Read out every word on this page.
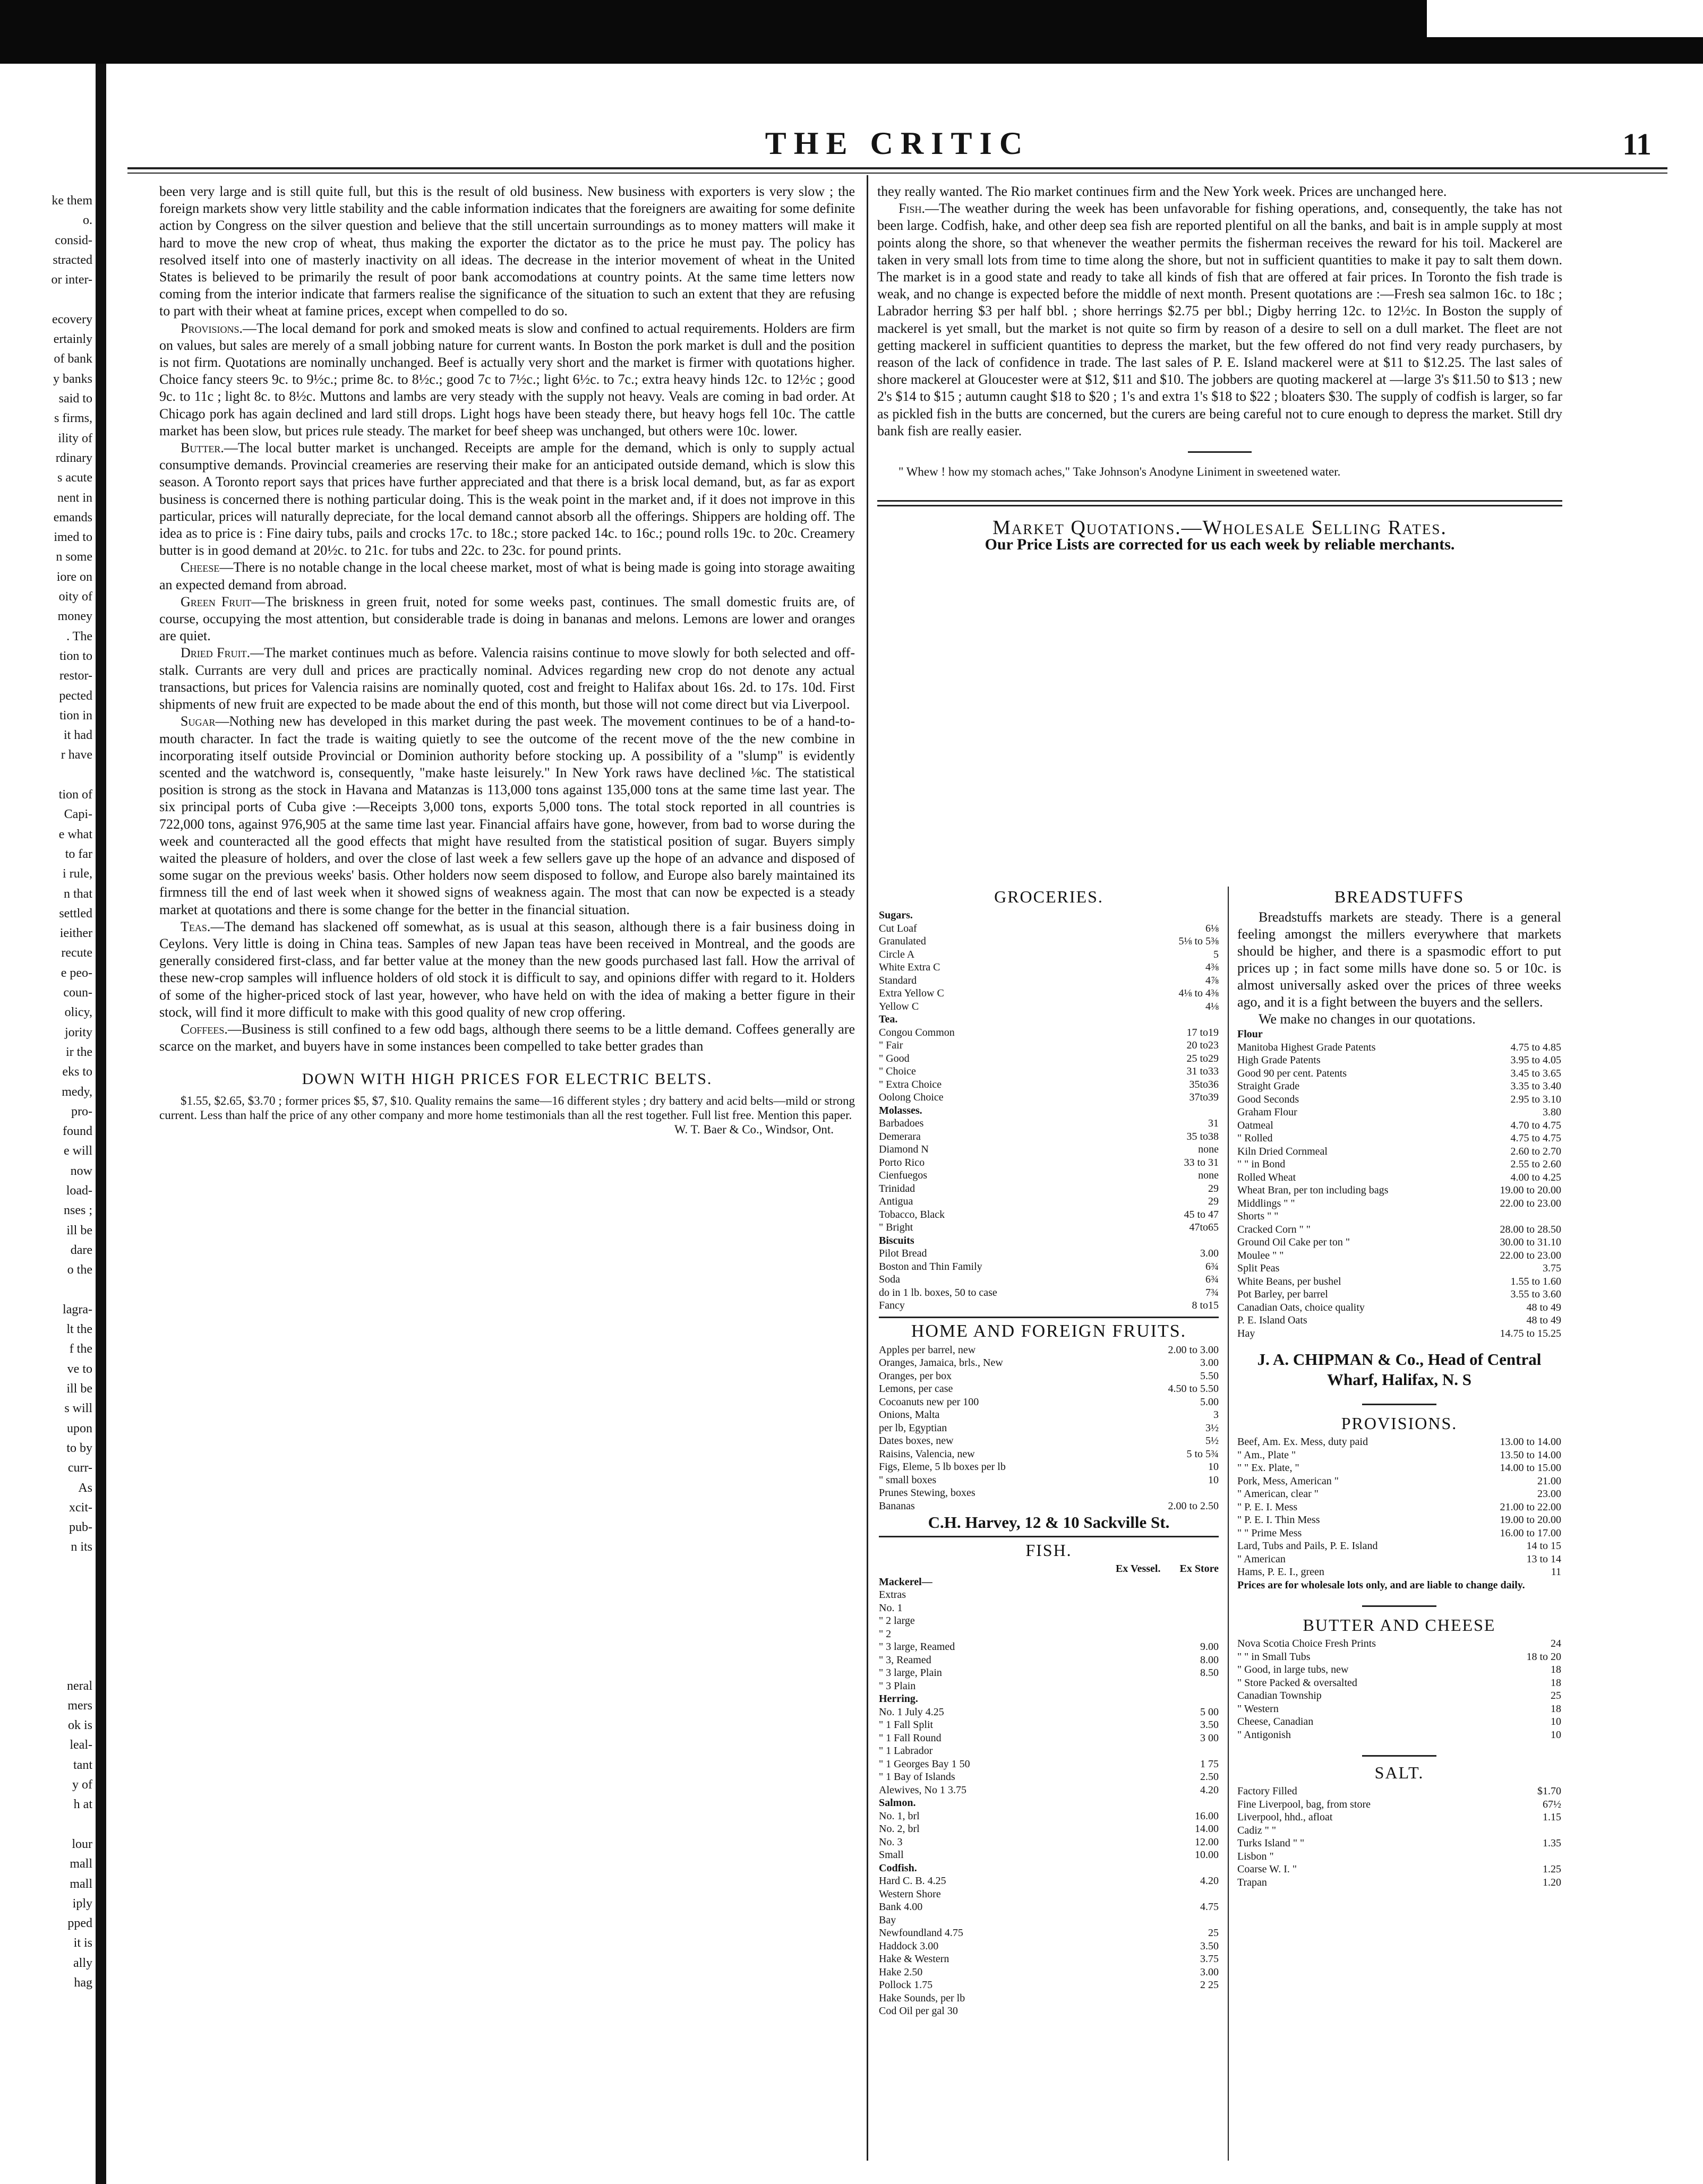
ke them
o.
consid-
stracted
or inter-
ecovery
ertainly
of bank
y banks
said to
s firms,
ility of
rdinary
s acute
nent in
emands
imed to
n some
iore on
oity of
money
. The
tion to
restor-
pected
tion in
it had
r have
tion of
Capi-
e what
to far
i rule,
n that
settled
ieither
recute
e peo-
coun-
olicy,
jority
ir the
eks to
medy,
pro-
found
e will
now
load-
nses ;
ill be
dare
o the
lagra-
lt the
f the
ve to
ill be
s will
upon
to by
curr-
As
xcit-
pub-
n its
neral
mers
ok is
leal-
tant
y of
h at
lour
mall
mall
iply
pped
it is
ally
hag
THE CRITIC	11

been very large and is still quite full, but this is the result of old business. New business with exporters is very slow ; the foreign markets show very little stability and the cable information indicates that the foreigners are awaiting for some definite action by Congress on the silver question and believe that the still uncertain surroundings as to money matters will make it hard to move the new crop of wheat, thus making the exporter the dictator as to the price he must pay. The policy has resolved itself into one of masterly inactivity on all ideas. The decrease in the interior movement of wheat in the United States is believed to be primarily the result of poor bank accomodations at country points. At the same time letters now coming from the interior indicate that farmers realise the significance of the situation to such an extent that they are refusing to part with their wheat at famine prices, except when compelled to do so.

Provisions.—The local demand for pork and smoked meats is slow and confined to actual requirements. Holders are firm on values, but sales are merely of a small jobbing nature for current wants. In Boston the pork market is dull and the position is not firm. Quotations are nominally unchanged. Beef is actually very short and the market is firmer with quotations higher. Choice fancy steers 9c. to 9½c.; prime 8c. to 8½c.; good 7c to 7½c.; light 6½c. to 7c.; extra heavy hinds 12c. to 12½c ; good 9c. to 11c ; light 8c. to 8½c. Muttons and lambs are very steady with the supply not heavy. Veals are coming in bad order. At Chicago pork has again declined and lard still drops. Light hogs have been steady there, but heavy hogs fell 10c. The cattle market has been slow, but prices rule steady. The market for beef sheep was unchanged, but others were 10c. lower.

Butter.—The local butter market is unchanged. Receipts are ample for the demand, which is only to supply actual consumptive demands. Provincial creameries are reserving their make for an anticipated outside demand, which is slow this season. A Toronto report says that prices have further appreciated and that there is a brisk local demand, but, as far as export business is concerned there is nothing particular doing. This is the weak point in the market and, if it does not improve in this particular, prices will naturally depreciate, for the local demand cannot absorb all the offerings. Shippers are holding off. The idea as to price is : Fine dairy tubs, pails and crocks 17c. to 18c.; store packed 14c. to 16c.; pound rolls 19c. to 20c. Creamery butter is in good demand at 20½c. to 21c. for tubs and 22c. to 23c. for pound prints.

Cheese—There is no notable change in the local cheese market, most of what is being made is going into storage awaiting an expected demand from abroad.

Green Fruit—The briskness in green fruit, noted for some weeks past, continues. The small domestic fruits are, of course, occupying the most attention, but considerable trade is doing in bananas and melons. Lemons are lower and oranges are quiet.

Dried Fruit.—The market continues much as before. Valencia raisins continue to move slowly for both selected and off-stalk. Currants are very dull and prices are practically nominal. Advices regarding new crop do not denote any actual transactions, but prices for Valencia raisins are nominally quoted, cost and freight to Halifax about 16s. 2d. to 17s. 10d. First shipments of new fruit are expected to be made about the end of this month, but those will not come direct but via Liverpool.

Sugar—Nothing new has developed in this market during the past week. The movement continues to be of a hand-to-mouth character. In fact the trade is waiting quietly to see the outcome of the recent move of the the new combine in incorporating itself outside Provincial or Dominion authority before stocking up. A possibility of a "slump" is evidently scented and the watchword is, consequently, "make haste leisurely." In New York raws have declined ⅛c. The statistical position is strong as the stock in Havana and Matanzas is 113,000 tons against 135,000 tons at the same time last year. The six principal ports of Cuba give :—Receipts 3,000 tons, exports 5,000 tons. The total stock reported in all countries is 722,000 tons, against 976,905 at the same time last year. Financial affairs have gone, however, from bad to worse during the week and counteracted all the good effects that might have resulted from the statistical position of sugar. Buyers simply waited the pleasure of holders, and over the close of last week a few sellers gave up the hope of an advance and disposed of some sugar on the previous weeks' basis. Other holders now seem disposed to follow, and Europe also barely maintained its firmness till the end of last week when it showed signs of weakness again. The most that can now be expected is a steady market at quotations and there is some change for the better in the financial situation.

Teas.—The demand has slackened off somewhat, as is usual at this season, although there is a fair business doing in Ceylons. Very little is doing in China teas. Samples of new Japan teas have been received in Montreal, and the goods are generally considered first-class, and far better value at the money than the new goods purchased last fall. How the arrival of these new-crop samples will influence holders of old stock it is difficult to say, and opinions differ with regard to it. Holders of some of the higher-priced stock of last year, however, who have held on with the idea of making a better figure in their stock, will find it more difficult to make with this good quality of new crop offering.

Coffees.—Business is still confined to a few odd bags, although there seems to be a little demand. Coffees generally are scarce on the market, and buyers have in some instances been compelled to take better grades than

DOWN WITH HIGH PRICES FOR ELECTRIC BELTS.

$1.55, $2.65, $3.70 ; former prices $5, $7, $10. Quality remains the same—16 different styles ; dry battery and acid belts—mild or strong current. Less than half the price of any other company and more home testimonials than all the rest together. Full list free. Mention this paper.

W. T. Baer & Co., Windsor, Ont.

they really wanted. The Rio market continues firm and the New York week. Prices are unchanged here.

Fish.—The weather during the week has been unfavorable for fishing operations, and, consequently, the take has not been large. Codfish, hake, and other deep sea fish are reported plentiful on all the banks, and bait is in ample supply at most points along the shore, so that whenever the weather permits the fisherman receives the reward for his toil. Mackerel are taken in very small lots from time to time along the shore, but not in sufficient quantities to make it pay to salt them down. The market is in a good state and ready to take all kinds of fish that are offered at fair prices. In Toronto the fish trade is weak, and no change is expected before the middle of next month. Present quotations are :—Fresh sea salmon 16c. to 18c ; Labrador herring $3 per half bbl. ; shore herrings $2.75 per bbl.; Digby herring 12c. to 12½c. In Boston the supply of mackerel is yet small, but the market is not quite so firm by reason of a desire to sell on a dull market. The fleet are not getting mackerel in sufficient quantities to depress the market, but the few offered do not find very ready purchasers, by reason of the lack of confidence in trade. The last sales of P. E. Island mackerel were at $11 to $12.25. The last sales of shore mackerel at Gloucester were at $12, $11 and $10. The jobbers are quoting mackerel at —large 3's $11.50 to $13 ; new 2's $14 to $15 ; autumn caught $18 to $20 ; 1's and extra 1's $18 to $22 ; bloaters $30. The supply of codfish is larger, so far as pickled fish in the butts are concerned, but the curers are being careful not to cure enough to depress the market. Still dry bank fish are really easier.

" Whew ! how my stomach aches," Take Johnson's Anodyne Liniment in sweetened water.

Market Quotations.—Wholesale Selling Rates.
Our Price Lists are corrected for us each week by reliable merchants.
GROCERIES.
Sugars.
Cut Loaf	6⅛
Granulated	5⅛ to 5⅜
Circle A	5
White Extra C	4⅜
Standard	4⅞
Extra Yellow C	4⅛ to 4⅜
Yellow C	4⅛
Tea.
Congou Common	17 to19
" Fair	20 to23
" Good	25 to29
" Choice	31 to33
" Extra Choice	35to36
Oolong Choice	37to39
Molasses.
Barbadoes	31
Demerara	35 to38
Diamond N	none
Porto Rico	33 to 31
Cienfuegos	none
Trinidad	29
Antigua	29
Tobacco, Black	45 to 47
" Bright	47to65
Biscuits
Pilot Bread	3.00
Boston and Thin Family	6¾
Soda	6¾
do in 1 lb. boxes, 50 to case	7¾
Fancy	8 to15
HOME AND FOREIGN FRUITS.
Apples per barrel, new	2.00 to 3.00
Oranges, Jamaica, brls., New	3.00
Oranges, per box	5.50
Lemons, per case	4.50 to 5.50
Cocoanuts new per 100	5.00
Onions, Malta	3
per lb, Egyptian	3½
Dates boxes, new	5½
Raisins, Valencia, new	5 to 5¾
Figs, Eleme, 5 lb boxes per lb	10
" small boxes	10
Prunes Stewing, boxes
Bananas	2.00 to 2.50
C.H. Harvey, 12 & 10 Sackville St.
FISH.
Ex Vessel.	Ex Store
Mackerel—
Extras
No. 1
" 2 large
" 2
" 3 large, Reamed	9.00
" 3, Reamed	8.00
" 3 large, Plain	8.50
" 3 Plain
Herring.
No. 1 July 4.25	5 00
" 1 Fall Split	3.50
" 1 Fall Round	3 00
" 1 Labrador
" 1 Georges Bay 1 50	1 75
" 1 Bay of Islands	2.50
Alewives, No 1 3.75	4.20
Salmon.
No. 1, brl	16.00
No. 2, brl	14.00
No. 3	12.00
Small	10.00
Codfish.
Hard C. B. 4.25	4.20
Western Shore
Bank 4.00	4.75
Bay
Newfoundland 4.75	25
Haddock 3.00	3.50
Hake & Western	3.75
Hake 2.50	3.00
Pollock 1.75	2 25
Hake Sounds, per lb
Cod Oil per gal 30
BREADSTUFFS

Breadstuffs markets are steady. There is a general feeling amongst the millers everywhere that markets should be higher, and there is a spasmodic effort to put prices up ; in fact some mills have done so. 5 or 10c. is almost universally asked over the prices of three weeks ago, and it is a fight between the buyers and the sellers.

We make no changes in our quotations.

Flour
Manitoba Highest Grade Patents	4.75 to 4.85
High Grade Patents	3.95 to 4.05
Good 90 per cent. Patents	3.45 to 3.65
Straight Grade	3.35 to 3.40
Good Seconds	2.95 to 3.10
Graham Flour	3.80
Oatmeal	4.70 to 4.75
" Rolled	4.75 to 4.75
Kiln Dried Cornmeal	2.60 to 2.70
" " in Bond	2.55 to 2.60
Rolled Wheat	4.00 to 4.25
Wheat Bran, per ton including bags	19.00 to 20.00
Middlings " "	22.00 to 23.00
Shorts " "
Cracked Corn " "	28.00 to 28.50
Ground Oil Cake per ton "	30.00 to 31.10
Moulee " "	22.00 to 23.00
Split Peas	3.75
White Beans, per bushel	1.55 to 1.60
Pot Barley, per barrel	3.55 to 3.60
Canadian Oats, choice quality	48 to 49
P. E. Island Oats	48 to 49
Hay	14.75 to 15.25
J. A. CHIPMAN & Co., Head of Central Wharf, Halifax, N. S
PROVISIONS.
Beef, Am. Ex. Mess, duty paid	13.00 to 14.00
" Am., Plate "	13.50 to 14.00
" " Ex. Plate, "	14.00 to 15.00
Pork, Mess, American "	21.00
" American, clear "	23.00
" P. E. I. Mess	21.00 to 22.00
" P. E. I. Thin Mess	19.00 to 20.00
" " Prime Mess	16.00 to 17.00
Lard, Tubs and Pails, P. E. Island	14 to 15
" American	13 to 14
Hams, P. E. I., green	11
Prices are for wholesale lots only, and are liable to change daily.
BUTTER AND CHEESE
Nova Scotia Choice Fresh Prints	24
" " in Small Tubs	18 to 20
" Good, in large tubs, new	18
" Store Packed & oversalted	18
Canadian Township	25
" Western	18
Cheese, Canadian	10
" Antigonish	10
SALT.
Factory Filled	$1.70
Fine Liverpool, bag, from store	67½
Liverpool, hhd., afloat	1.15
Cadiz " "
Turks Island " "	1.35
Lisbon "
Coarse W. I. "	1.25
Trapan	1.20
